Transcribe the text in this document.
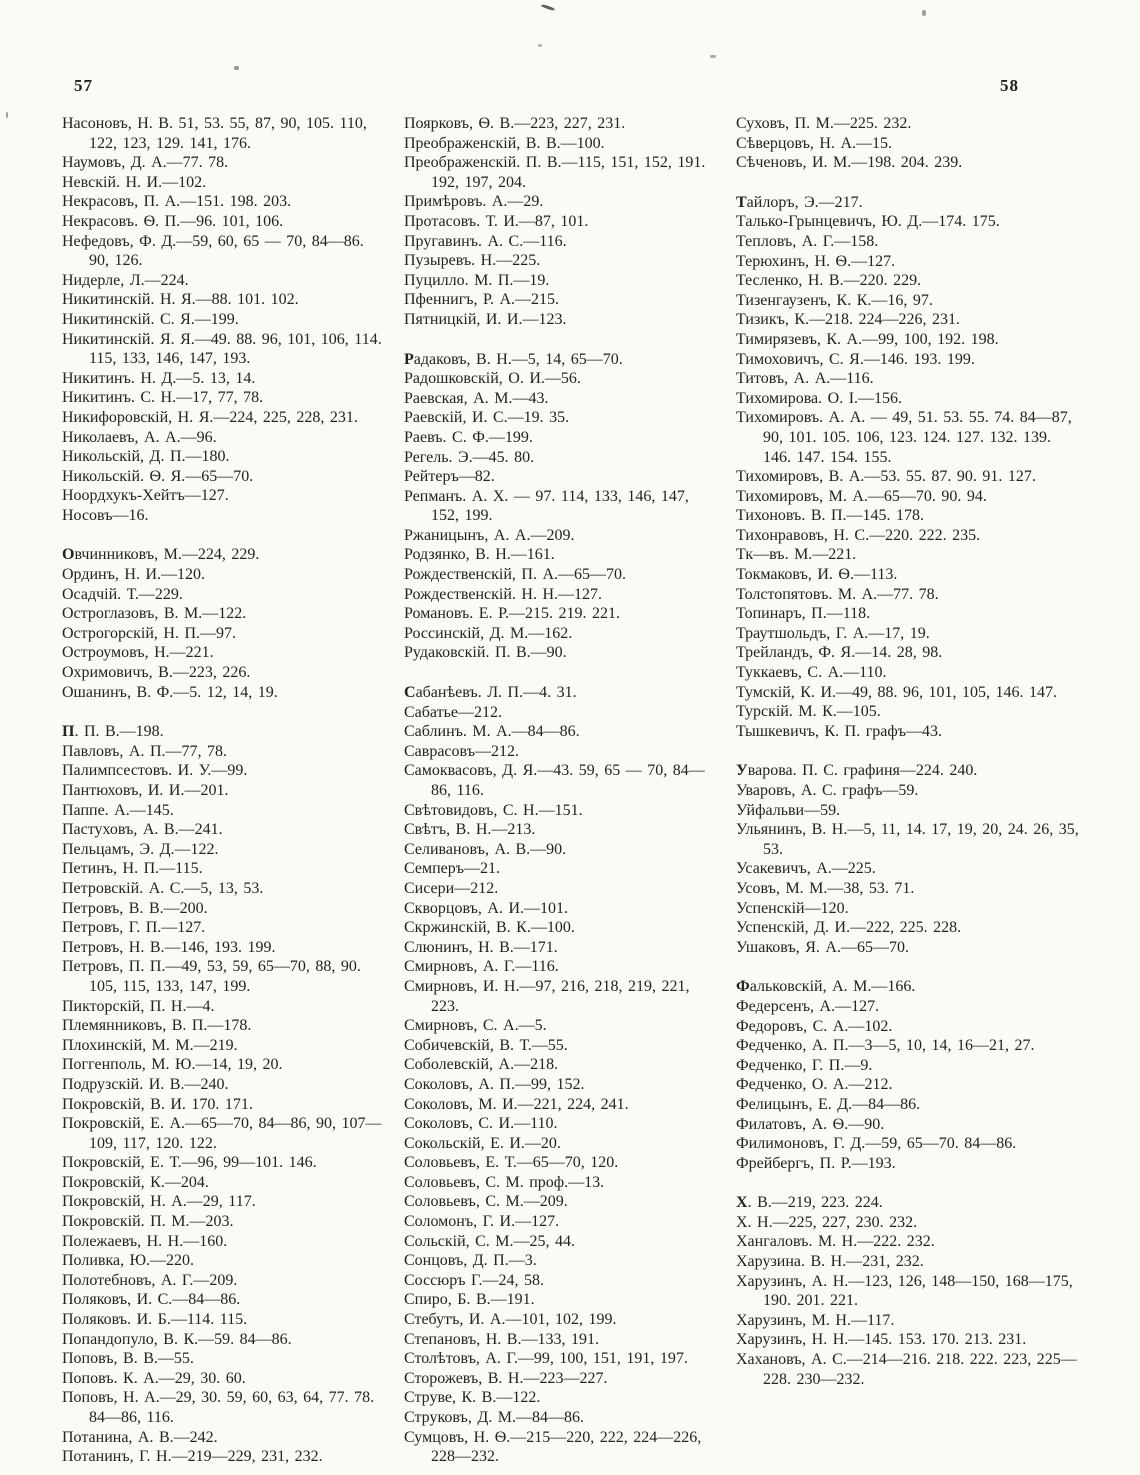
57	58

Насоновъ, Н. В. 51, 53. 55, 87, 90, 105. 110, 122, 123, 129. 141, 176.

Наумовъ, Д. А.—77. 78.

Невскій. Н. И.—102.

Некрасовъ, П. А.—151. 198. 203.

Некрасовъ. Ѳ. П.—96. 101, 106.

Нефедовъ, Ф. Д.—59, 60, 65 — 70, 84—86. 90, 126.

Нидерле, Л.—224.

Никитинскій. Н. Я.—88. 101. 102.

Никитинскій. С. Я.—199.

Никитинскій. Я. Я.—49. 88. 96, 101, 106, 114. 115, 133, 146, 147, 193.

Никитинъ. Н. Д.—5. 13, 14.

Никитинъ. С. Н.—17, 77, 78.

Никифоровскій, Н. Я.—224, 225, 228, 231.

Николаевъ, А. А.—96.

Никольскій, Д. П.—180.

Никольскій. Ѳ. Я.—65—70.

Ноордхукъ-Хейтъ—127.

Носовъ—16.

Овчинниковъ, М.—224, 229.

Ординъ, Н. И.—120.

Осадчій. Т.—229.

Остроглазовъ, В. М.—122.

Острогорскій, Н. П.—97.

Остроумовъ, Н.—221.

Охримовичъ, В.—223, 226.

Ошанинъ, В. Ф.—5. 12, 14, 19.

П. П. В.—198.

Павловъ, А. П.—77, 78.

Палимпсестовъ. И. У.—99.

Пантюховъ, И. И.—201.

Паппе. А.—145.

Пастуховъ, А. В.—241.

Пельцамъ, Э. Д.—122.

Петинъ, Н. П.—115.

Петровскій. А. С.—5, 13, 53.

Петровъ, В. В.—200.

Петровъ, Г. П.—127.

Петровъ, Н. В.—146, 193. 199.

Петровъ, П. П.—49, 53, 59, 65—70, 88, 90. 105, 115, 133, 147, 199.

Пикторскій, П. Н.—4.

Племянниковъ, В. П.—178.

Плохинскій, М. М.—219.

Поггенполь, М. Ю.—14, 19, 20.

Подрузскій. И. В.—240.

Покровскій, В. И. 170. 171.

Покровскій, Е. А.—65—70, 84—86, 90, 107—109, 117, 120. 122.

Покровскій, Е. Т.—96, 99—101. 146.

Покровскій, К.—204.

Покровскій, Н. А.—29, 117.

Покровскій. П. М.—203.

Полежаевъ, Н. Н.—160.

Поливка, Ю.—220.

Полотебновъ, А. Г.—209.

Поляковъ, И. С.—84—86.

Поляковъ. И. Б.—114. 115.

Попандопуло, В. К.—59. 84—86.

Поповъ, В. В.—55.

Поповъ. К. А.—29, 30. 60.

Поповъ, Н. А.—29, 30. 59, 60, 63, 64, 77. 78. 84—86, 116.

Потанина, А. В.—242.

Потанинъ, Г. Н.—219—229, 231, 232.

Поярковъ, Ѳ. В.—223, 227, 231.

Преображенскій, В. В.—100.

Преображенскій. П. В.—115, 151, 152, 191. 192, 197, 204.

Примѣровъ. А.—29.

Протасовъ. Т. И.—87, 101.

Пругавинъ. А. С.—116.

Пузыревъ. Н.—225.

Пуцилло. М. П.—19.

Пфеннигъ, Р. А.—215.

Пятницкій, И. И.—123.

Радаковъ, В. Н.—5, 14, 65—70.

Радошковскій, О. И.—56.

Раевская, А. М.—43.

Раевскій, И. С.—19. 35.

Раевъ. С. Ф.—199.

Регель. Э.—45. 80.

Рейтеръ—82.

Репманъ. А. Х. — 97. 114, 133, 146, 147, 152, 199.

Ржаницынъ, А. А.—209.

Родзянко, В. Н.—161.

Рождественскій, П. А.—65—70.

Рождественскій. Н. Н.—127.

Романовъ. Е. Р.—215. 219. 221.

Россинскій, Д. М.—162.

Рудаковскій. П. В.—90.

Сабанѣевъ. Л. П.—4. 31.

Сабатье—212.

Саблинъ. М. А.—84—86.

Саврасовъ—212.

Самоквасовъ, Д. Я.—43. 59, 65 — 70, 84—86, 116.

Свѣтовидовъ, С. Н.—151.

Свѣтъ, В. Н.—213.

Селивановъ, А. В.—90.

Семперъ—21.

Сисери—212.

Скворцовъ, А. И.—101.

Скржинскій, В. К.—100.

Слюнинъ, Н. В.—171.

Смирновъ, А. Г.—116.

Смирновъ, И. Н.—97, 216, 218, 219, 221, 223.

Смирновъ, С. А.—5.

Собичевскій, В. Т.—55.

Соболевскій, А.—218.

Соколовъ, А. П.—99, 152.

Соколовъ, М. И.—221, 224, 241.

Соколовъ, С. И.—110.

Сокольскій, Е. И.—20.

Соловьевъ, Е. Т.—65—70, 120.

Соловьевъ, С. М. проф.—13.

Соловьевъ, С. М.—209.

Соломонъ, Г. И.—127.

Сольскій, С. М.—25, 44.

Сонцовъ, Д. П.—3.

Соссюръ Г.—24, 58.

Спиро, Б. В.—191.

Стебутъ, И. А.—101, 102, 199.

Степановъ, Н. В.—133, 191.

Столѣтовъ, А. Г.—99, 100, 151, 191, 197.

Сторожевъ, В. Н.—223—227.

Струве, К. В.—122.

Струковъ, Д. М.—84—86.

Сумцовъ, Н. Ѳ.—215—220, 222, 224—226, 228—232.

Суховъ, П. М.—225. 232.

Сѣверцовъ, Н. А.—15.

Сѣченовъ, И. М.—198. 204. 239.

Тайлоръ, Э.—217.

Талько-Грынцевичъ, Ю. Д.—174. 175.

Тепловъ, А. Г.—158.

Терюхинъ, Н. Ѳ.—127.

Тесленко, Н. В.—220. 229.

Тизенгаузенъ, К. К.—16, 97.

Тизикъ, К.—218. 224—226, 231.

Тимирязевъ, К. А.—99, 100, 192. 198.

Тимоховичъ, С. Я.—146. 193. 199.

Титовъ, А. А.—116.

Тихомирова. О. І.—156.

Тихомировъ. А. А. — 49, 51. 53. 55. 74. 84—87, 90, 101. 105. 106, 123. 124. 127. 132. 139. 146. 147. 154. 155.

Тихомировъ, В. А.—53. 55. 87. 90. 91. 127.

Тихомировъ, М. А.—65—70. 90. 94.

Тихоновъ. В. П.—145. 178.

Тихонравовъ, Н. С.—220. 222. 235.

Тк—въ. М.—221.

Токмаковъ, И. Ѳ.—113.

Толстопятовъ. М. А.—77. 78.

Топинаръ, П.—118.

Траутшольдъ, Г. А.—17, 19.

Трейландъ, Ф. Я.—14. 28, 98.

Туккаевъ, С. А.—110.

Тумскій, К. И.—49, 88. 96, 101, 105, 146. 147.

Турскій. М. К.—105.

Тышкевичъ, К. П. графъ—43.

Уварова. П. С. графиня—224. 240.

Уваровъ, А. С. графъ—59.

Уйфальви—59.

Ульянинъ, В. Н.—5, 11, 14. 17, 19, 20, 24. 26, 35, 53.

Усакевичъ, А.—225.

Усовъ, М. М.—38, 53. 71.

Успенскій—120.

Успенскій, Д. И.—222, 225. 228.

Ушаковъ, Я. А.—65—70.

Фальковскій, А. М.—166.

Федерсенъ, А.—127.

Федоровъ, С. А.—102.

Федченко, А. П.—3—5, 10, 14, 16—21, 27.

Федченко, Г. П.—9.

Федченко, О. А.—212.

Фелицынъ, Е. Д.—84—86.

Филатовъ, А. Ѳ.—90.

Филимоновъ, Г. Д.—59, 65—70. 84—86.

Фрейбергъ, П. Р.—193.

Х. В.—219, 223. 224.

Х. Н.—225, 227, 230. 232.

Хангаловъ. М. Н.—222. 232.

Харузина. В. Н.—231, 232.

Харузинъ, А. Н.—123, 126, 148—150, 168—175, 190. 201. 221.

Харузинъ, М. Н.—117.

Харузинъ, Н. Н.—145. 153. 170. 213. 231.

Хахановъ, А. С.—214—216. 218. 222. 223, 225—228. 230—232.
